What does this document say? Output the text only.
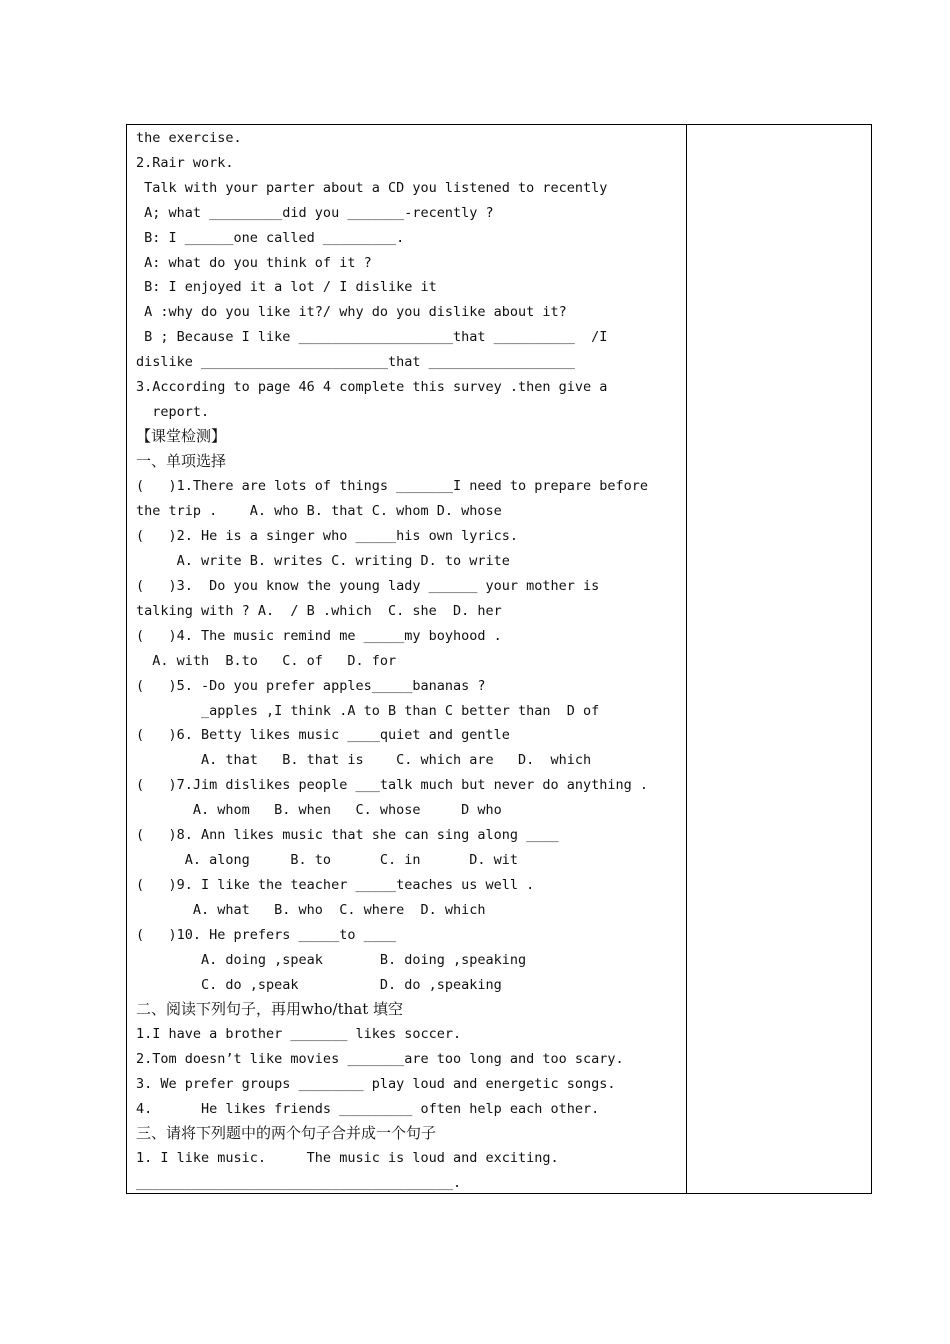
the exercise.
2.Rair work.
Talk with your parter about a CD you listened to recently
A; what _________did you _______-recently ?
B: I ______one called _________.
A: what do you think of it ?
B: I enjoyed it a lot / I dislike it
A :why do you like it?/ why do you dislike about it?
B ; Because I like ___________________that __________  /I
dislike _______________________that __________________
3.According to page 46 4 complete this survey .then give a
report.
【课堂检测】
一、单项选择
(   )1.There are lots of things _______I need to prepare before
the trip .    A. who B. that C. whom D. whose
(   )2. He is a singer who _____his own lyrics.
A. write B. writes C. writing D. to write
(   )3.  Do you know the young lady ______ your mother is
talking with ? A.  / B .which  C. she  D. her
(   )4. The music remind me _____my boyhood .
A. with  B.to   C. of   D. for
(   )5. -Do you prefer apples_____bananas ?
_apples ,I think .A to B than C better than  D of
(   )6. Betty likes music ____quiet and gentle
A. that   B. that is    C. which are   D.  which
(   )7.Jim dislikes people ___talk much but never do anything .
A. whom   B. when   C. whose     D who
(   )8. Ann likes music that she can sing along ____
A. along     B. to      C. in      D. wit
(   )9. I like the teacher _____teaches us well .
A. what   B. who  C. where  D. which
(   )10. He prefers _____to ____
A. doing ,speak       B. doing ,speaking
C. do ,speak          D. do ,speaking
二、阅读下列句子，再用who/that 填空
1.I have a brother _______ likes soccer.
2.Tom doesn’t like movies _______are too long and too scary.
3. We prefer groups ________ play loud and energetic songs.
4.      He likes friends _________ often help each other.
三、请将下列题中的两个句子合并成一个句子
1. I like music.     The music is loud and exciting.
_______________________________________.
